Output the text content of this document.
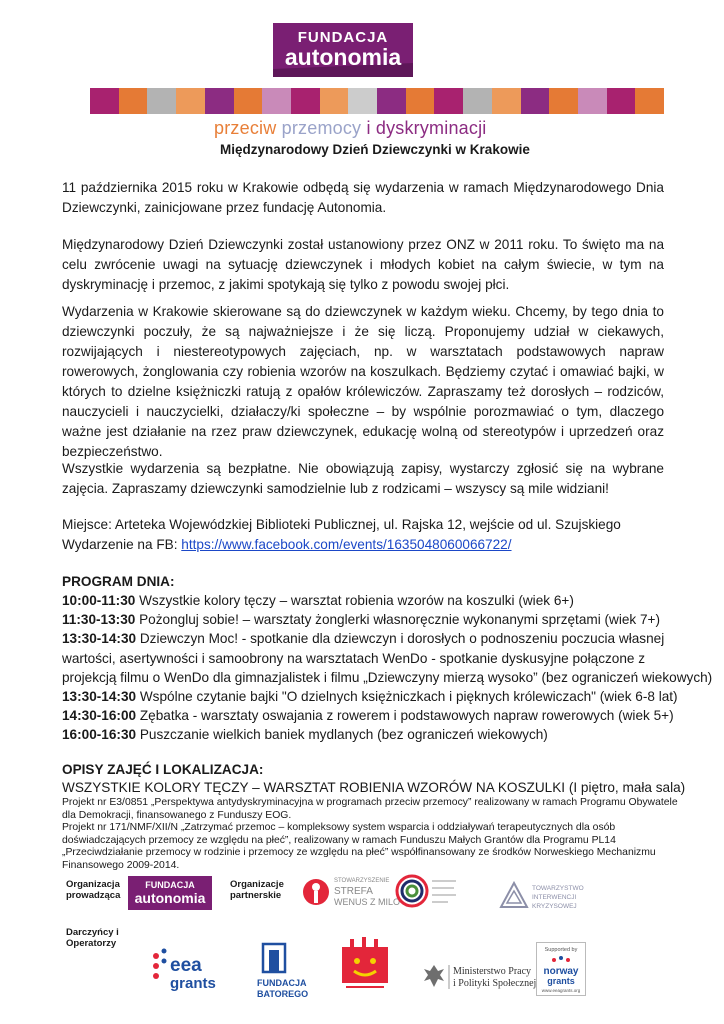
FUNDACJA
autonomia
przeciw przemocy i dyskryminacji
Międzynarodowy Dzień Dziewczynki w Krakowie
11 października 2015 roku w Krakowie odbędą się wydarzenia w ramach Międzynarodowego Dnia Dziewczynki, zainicjowane przez fundację Autonomia.
Międzynarodowy Dzień Dziewczynki został ustanowiony przez ONZ w 2011 roku. To święto ma na celu zwrócenie uwagi na sytuację dziewczynek i młodych kobiet na całym świecie, w tym na dyskryminację i przemoc, z jakimi spotykają się tylko z powodu swojej płci.
Wydarzenia w Krakowie skierowane są do dziewczynek w każdym wieku. Chcemy, by tego dnia to dziewczynki poczuły, że są najważniejsze i że się liczą. Proponujemy udział w ciekawych, rozwijających i niestereotypowych zajęciach, np. w warsztatach podstawowych napraw rowerowych, żonglowania czy robienia wzorów na koszulkach. Będziemy czytać i omawiać bajki, w których to dzielne księżniczki ratują z opałów królewiczów. Zapraszamy też dorosłych – rodziców, nauczycieli i nauczycielki, działaczy/ki społeczne – by wspólnie porozmawiać o tym, dlaczego ważne jest działanie na rzez praw dziewczynek, edukację wolną od stereotypów i uprzedzeń oraz bezpieczeństwo.
Wszystkie wydarzenia są bezpłatne. Nie obowiązują zapisy, wystarczy zgłosić się na wybrane zajęcia. Zapraszamy dziewczynki samodzielnie lub z rodzicami – wszyscy są mile widziani!
Miejsce: Arteteka Wojewódzkiej Biblioteki Publicznej, ul. Rajska 12, wejście od ul. Szujskiego
Wydarzenie na FB: https://www.facebook.com/events/1635048060066722/
PROGRAM DNIA:
10:00-11:30 Wszystkie kolory tęczy – warsztat robienia wzorów na koszulki (wiek 6+)
11:30-13:30 Pożongluj sobie! – warsztaty żonglerki własnoręcznie wykonanymi sprzętami (wiek 7+)
13:30-14:30 Dziewczyn Moc! - spotkanie dla dziewczyn i dorosłych o podnoszeniu poczucia własnej
wartości, asertywności i samoobrony na warsztatach WenDo - spotkanie dyskusyjne połączone z
projekcją filmu o WenDo dla gimnazjalistek i filmu „Dziewczyny mierzą wysoko” (bez ograniczeń wiekowych)
13:30-14:30 Wspólne czytanie bajki "O dzielnych księżniczkach i pięknych królewiczach" (wiek 6-8 lat)
14:30-16:00 Zębatka - warsztaty oswajania z rowerem i podstawowych napraw rowerowych (wiek 5+)
16:00-16:30 Puszczanie wielkich baniek mydlanych (bez ograniczeń wiekowych)
OPISY ZAJĘĆ I LOKALIZACJA:
WSZYSTKIE KOLORY TĘCZY – WARSZTAT ROBIENIA WZORÓW NA KOSZULKI (I piętro, mała sala)
Projekt nr E3/0851 „Perspektywa antydyskryminacyjna w programach przeciw przemocy” realizowany w ramach Programu Obywatele
dla Demokracji, finansowanego z Funduszy EOG.
Projekt nr 171/NMF/XII/N „Zatrzymać przemoc – kompleksowy system wsparcia i oddziaływań terapeutycznych dla osób
doświadczających przemocy ze względu na płeć”, realizowany w ramach Funduszu Małych Grantów dla Programu PL14
„Przeciwdziałanie przemocy w rodzinie i przemocy ze względu na płeć” współfinansowany ze środków Norweskiego Mechanizmu
Finansowego 2009-2014.
Organizacja
prowadząca
FUNDACJA
autonomia
Organizacje
partnerskie
STOWARZYSZENIE
STREFA
WENUS Z MILO
TOWARZYSTWO
INTERWENCJI
KRYZYSOWEJ
Darczyńcy i
Operatorzy
eea
grants	FUNDACJA
BATOREGO
Ministerstwo Pracy
i Polityki Społecznej
Supported by
norway
grants
www.eeagrants.org
